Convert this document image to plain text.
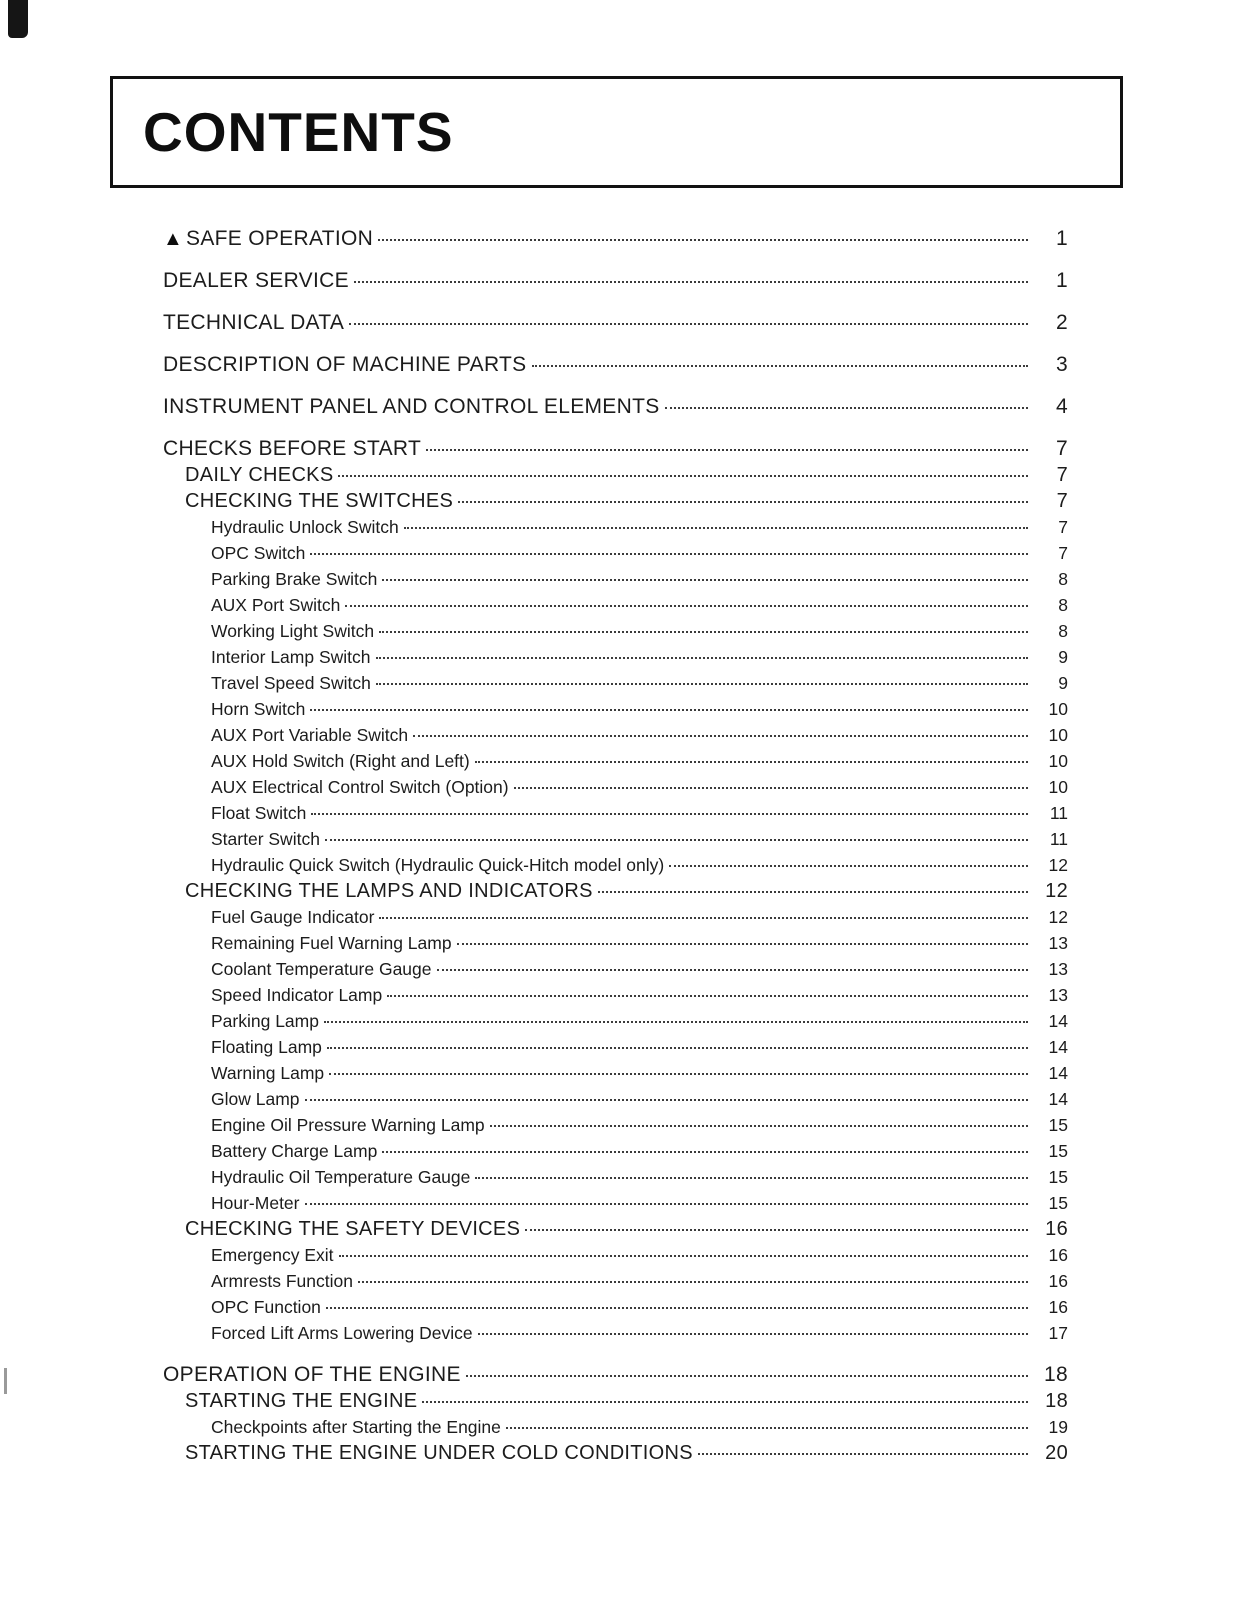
CONTENTS
▲ SAFE OPERATION	1
DEALER SERVICE	1
TECHNICAL DATA	2
DESCRIPTION OF MACHINE PARTS	3
INSTRUMENT PANEL AND CONTROL ELEMENTS	4
CHECKS BEFORE START	7
DAILY CHECKS	7
CHECKING THE SWITCHES	7
Hydraulic Unlock Switch	7
OPC Switch	7
Parking Brake Switch	8
AUX Port Switch	8
Working Light Switch	8
Interior Lamp Switch	9
Travel Speed Switch	9
Horn Switch	10
AUX Port Variable Switch	10
AUX Hold Switch (Right and Left)	10
AUX Electrical Control Switch (Option)	10
Float Switch	11
Starter Switch	11
Hydraulic Quick Switch (Hydraulic Quick-Hitch model only)	12
CHECKING THE LAMPS AND INDICATORS	12
Fuel Gauge Indicator	12
Remaining Fuel Warning Lamp	13
Coolant Temperature Gauge	13
Speed Indicator Lamp	13
Parking Lamp	14
Floating Lamp	14
Warning Lamp	14
Glow Lamp	14
Engine Oil Pressure Warning Lamp	15
Battery Charge Lamp	15
Hydraulic Oil Temperature Gauge	15
Hour-Meter	15
CHECKING THE SAFETY DEVICES	16
Emergency Exit	16
Armrests Function	16
OPC Function	16
Forced Lift Arms Lowering Device	17
OPERATION OF THE ENGINE	18
STARTING THE ENGINE	18
Checkpoints after Starting the Engine	19
STARTING THE ENGINE UNDER COLD CONDITIONS	20
